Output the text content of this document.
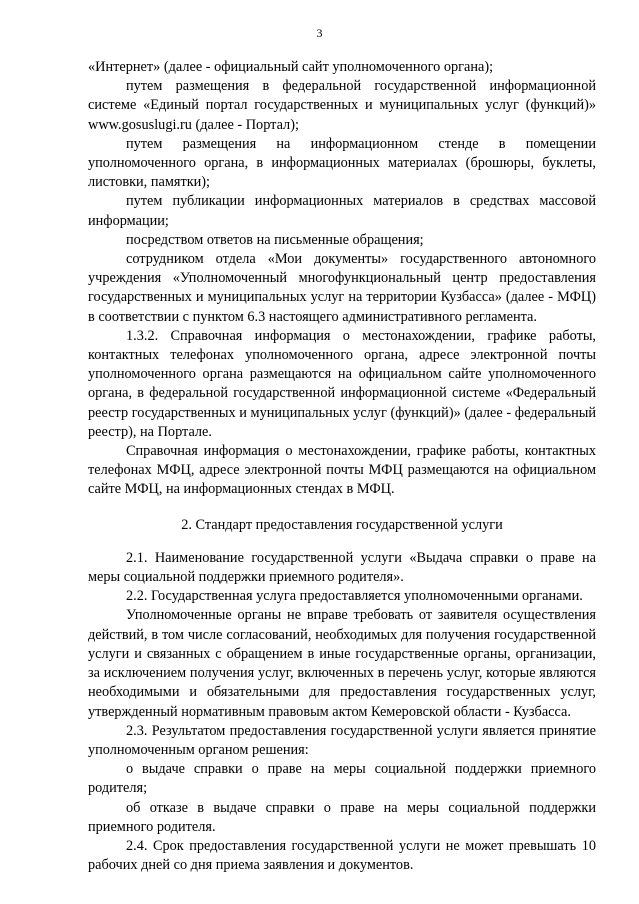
3

«Интернет» (далее - официальный сайт уполномоченного органа);

путем размещения в федеральной государственной информационной системе «Единый портал государственных и муниципальных услуг (функций)» www.gosuslugi.ru (далее - Портал);

путем размещения на информационном стенде в помещении уполномоченного органа, в информационных материалах (брошюры, буклеты, листовки, памятки);

путем публикации информационных материалов в средствах массовой информации;

посредством ответов на письменные обращения;

сотрудником отдела «Мои документы» государственного автономного учреждения «Уполномоченный многофункциональный центр предоставления государственных и муниципальных услуг на территории Кузбасса» (далее - МФЦ) в соответствии с пунктом 6.3 настоящего административного регламента.

1.3.2. Справочная информация о местонахождении, графике работы, контактных телефонах уполномоченного органа, адресе электронной почты уполномоченного органа размещаются на официальном сайте уполномоченного органа, в федеральной государственной информационной системе «Федеральный реестр государственных и муниципальных услуг (функций)» (далее - федеральный реестр), на Портале.

Справочная информация о местонахождении, графике работы, контактных телефонах МФЦ, адресе электронной почты МФЦ размещаются на официальном сайте МФЦ, на информационных стендах в МФЦ.

2. Стандарт предоставления государственной услуги

2.1. Наименование государственной услуги «Выдача справки о праве на меры социальной поддержки приемного родителя».

2.2. Государственная услуга предоставляется уполномоченными органами.

Уполномоченные органы не вправе требовать от заявителя осуществления действий, в том числе согласований, необходимых для получения государственной услуги и связанных с обращением в иные государственные органы, организации, за исключением получения услуг, включенных в перечень услуг, которые являются необходимыми и обязательными для предоставления государственных услуг, утвержденный нормативным правовым актом Кемеровской области - Кузбасса.

2.3. Результатом предоставления государственной услуги является принятие уполномоченным органом решения:

о выдаче справки о праве на меры социальной поддержки приемного родителя;

об отказе в выдаче справки о праве на меры социальной поддержки приемного родителя.

2.4. Срок предоставления государственной услуги не может превышать 10 рабочих дней со дня приема заявления и документов.
